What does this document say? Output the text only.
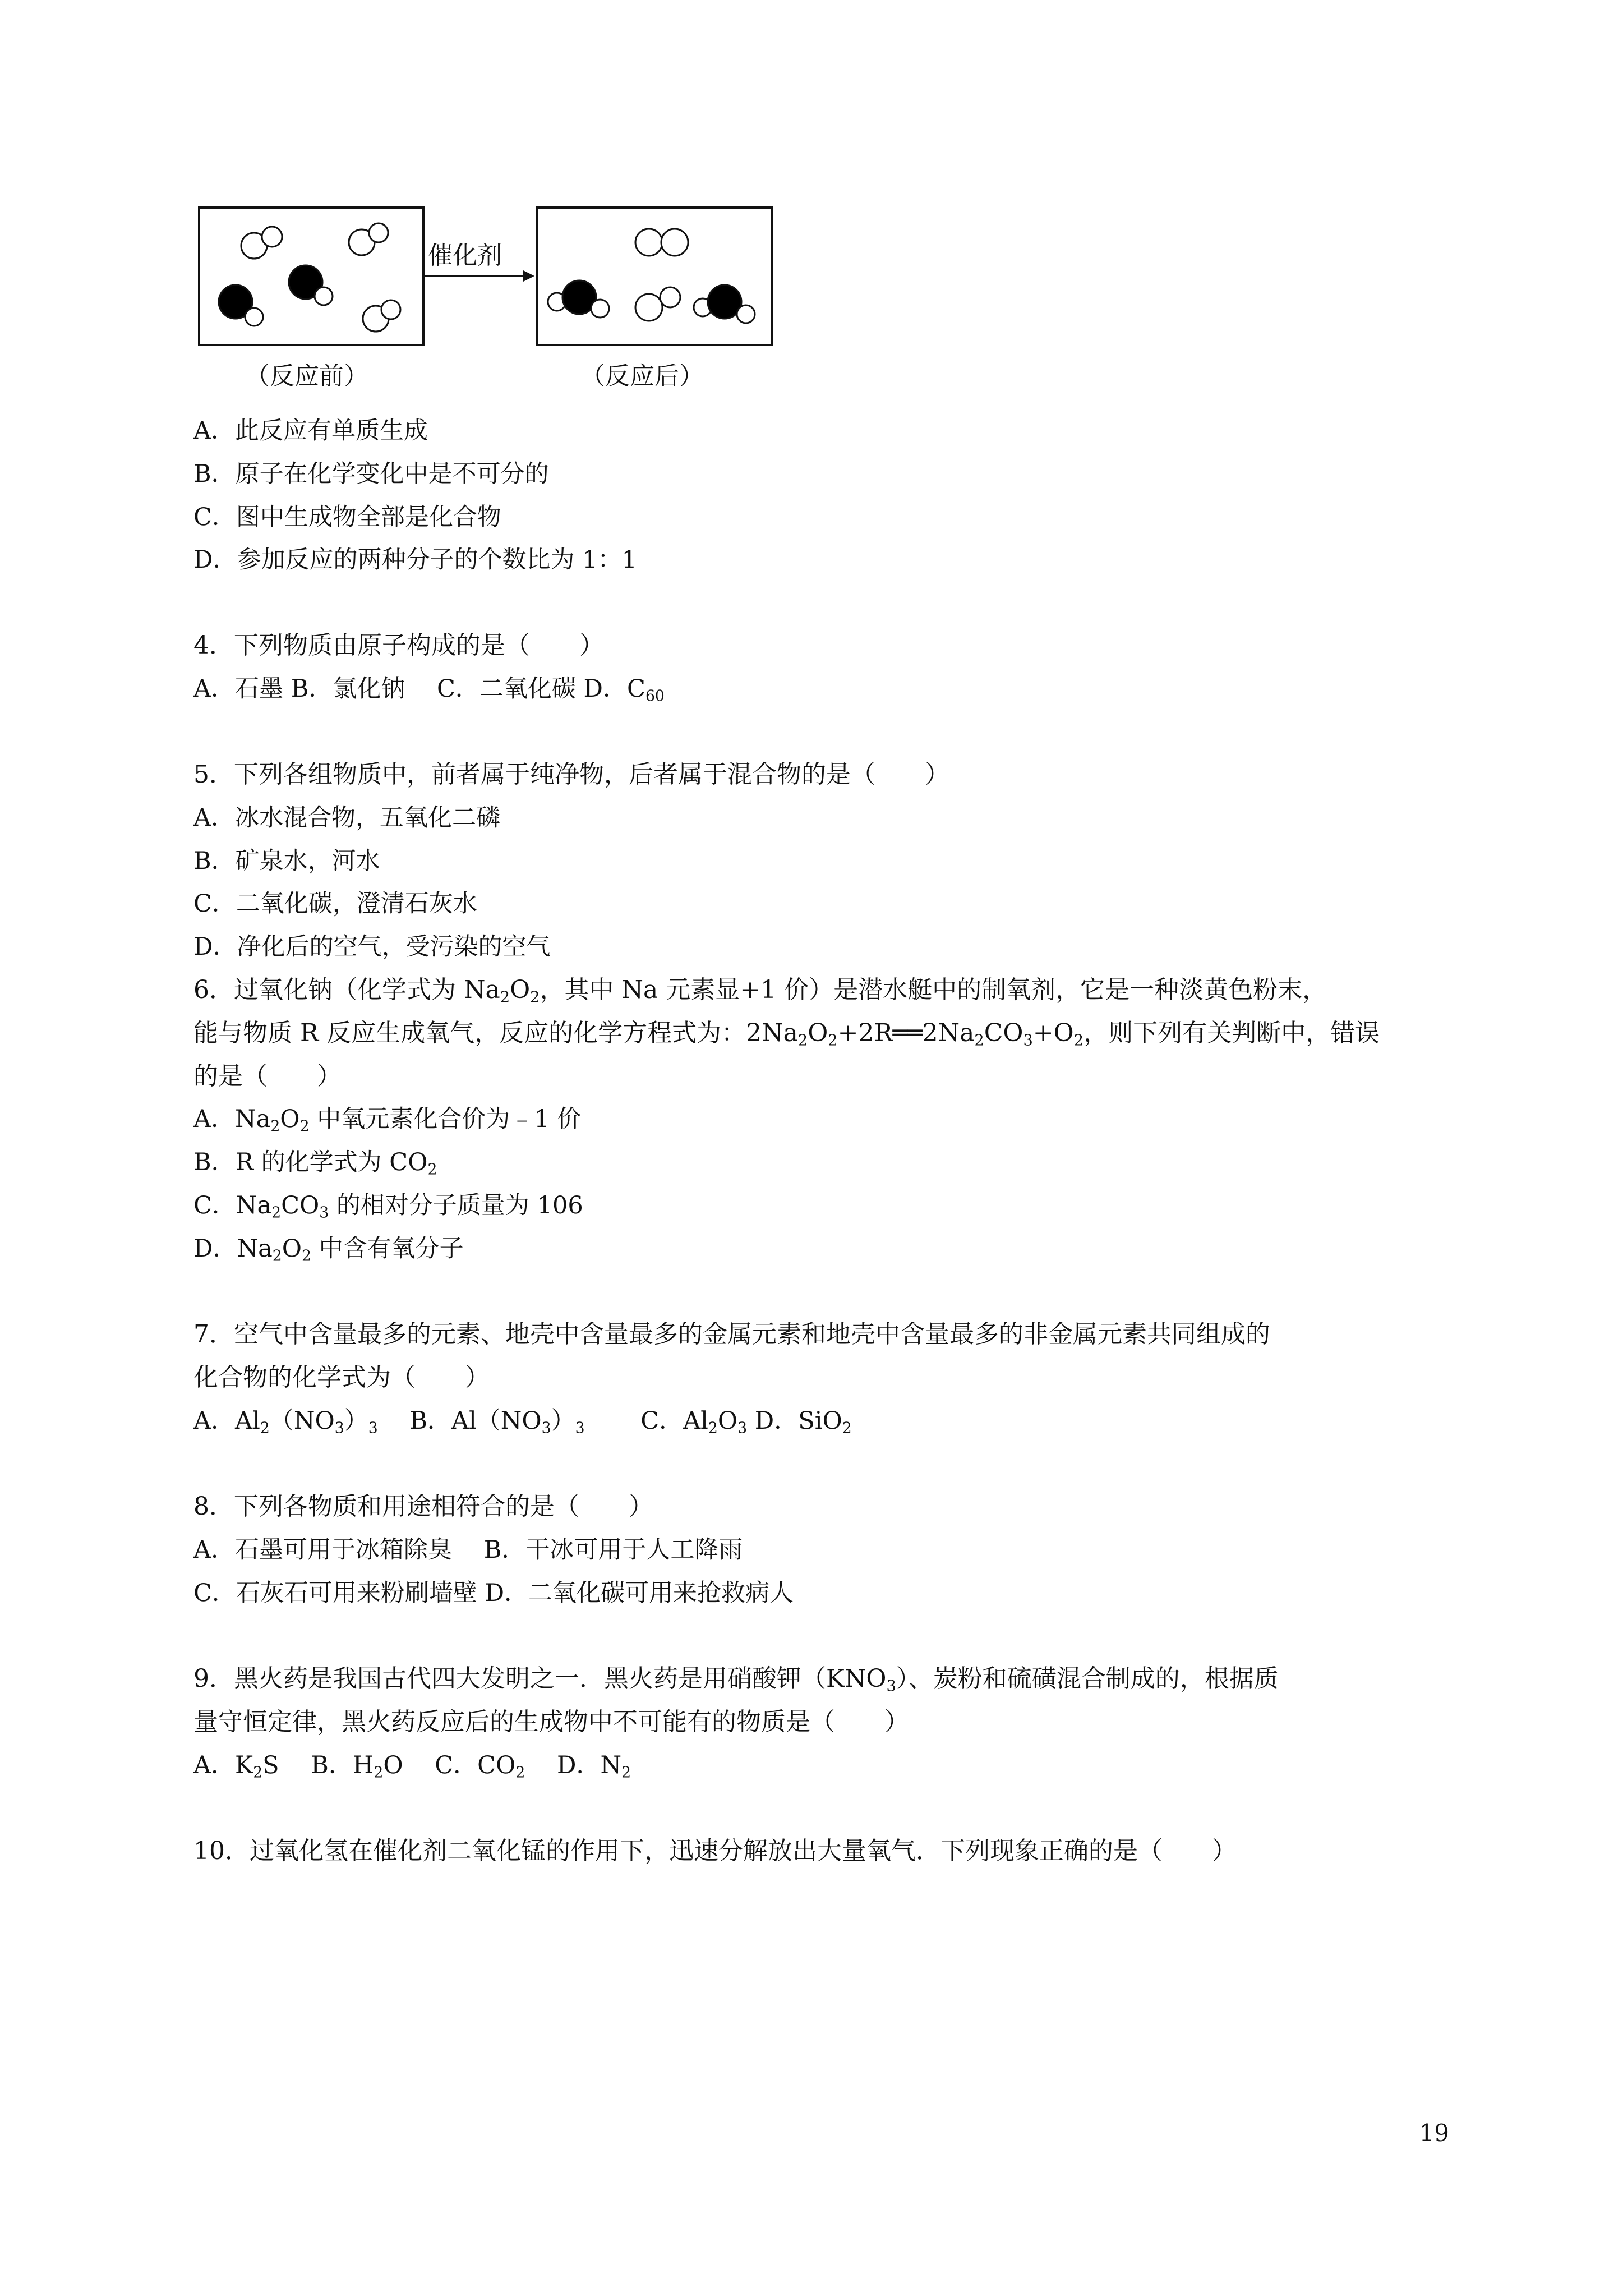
催化剂
（反应前）	（反应后）
A．此反应有单质生成
B．原子在化学变化中是不可分的
C．图中生成物全部是化合物
D．参加反应的两种分子的个数比为 1：1
4．下列物质由原子构成的是（　　）
A．石墨 B．氯化钠　 C．二氧化碳 D．$C_{60}$
5．下列各组物质中，前者属于纯净物，后者属于混合物的是（　　）
A．冰水混合物，五氧化二磷
B．矿泉水，河水
C．二氧化碳，澄清石灰水
D．净化后的空气，受污染的空气
6．过氧化钠（化学式为 $Na_2O_2$，其中 Na 元素显+1 价）是潜水艇中的制氧剂，它是一种淡黄色粉末，
能与物质 R 反应生成氧气，反应的化学方程式为：$2Na_2O_2+2R══2Na_2CO_3+O_2$，则下列有关判断中，错误
的是（　　）
A．$Na_2O_2$ 中氧元素化合价为﹣1 价
B．R 的化学式为 $CO_2$
C．$Na_2CO_3$ 的相对分子质量为 106
D．$Na_2O_2$ 中含有氧分子
7．空气中含量最多的元素、地壳中含量最多的金属元素和地壳中含量最多的非金属元素共同组成的
化合物的化学式为（　　）
A．$Al_2(NO_3)_3$　 B．$Al(NO_3)_3$　　 C．$Al_2O_3$ D．SiO$_2$
8．下列各物质和用途相符合的是（　　）
A．石墨可用于冰箱除臭　 B．干冰可用于人工降雨
C．石灰石可用来粉刷墙壁 D．二氧化碳可用来抢救病人
9．黑火药是我国古代四大发明之一．黑火药是用硝酸钾$(KNO_3)$、炭粉和硫磺混合制成的，根据质
量守恒定律，黑火药反应后的生成物中不可能有的物质是（　　）
A．$K_2S$　 B．$H_2O$　 C．$CO_2$　 D．$N_2$
10．过氧化氢在催化剂二氧化锰的作用下，迅速分解放出大量氧气．下列现象正确的是（　　）
19
